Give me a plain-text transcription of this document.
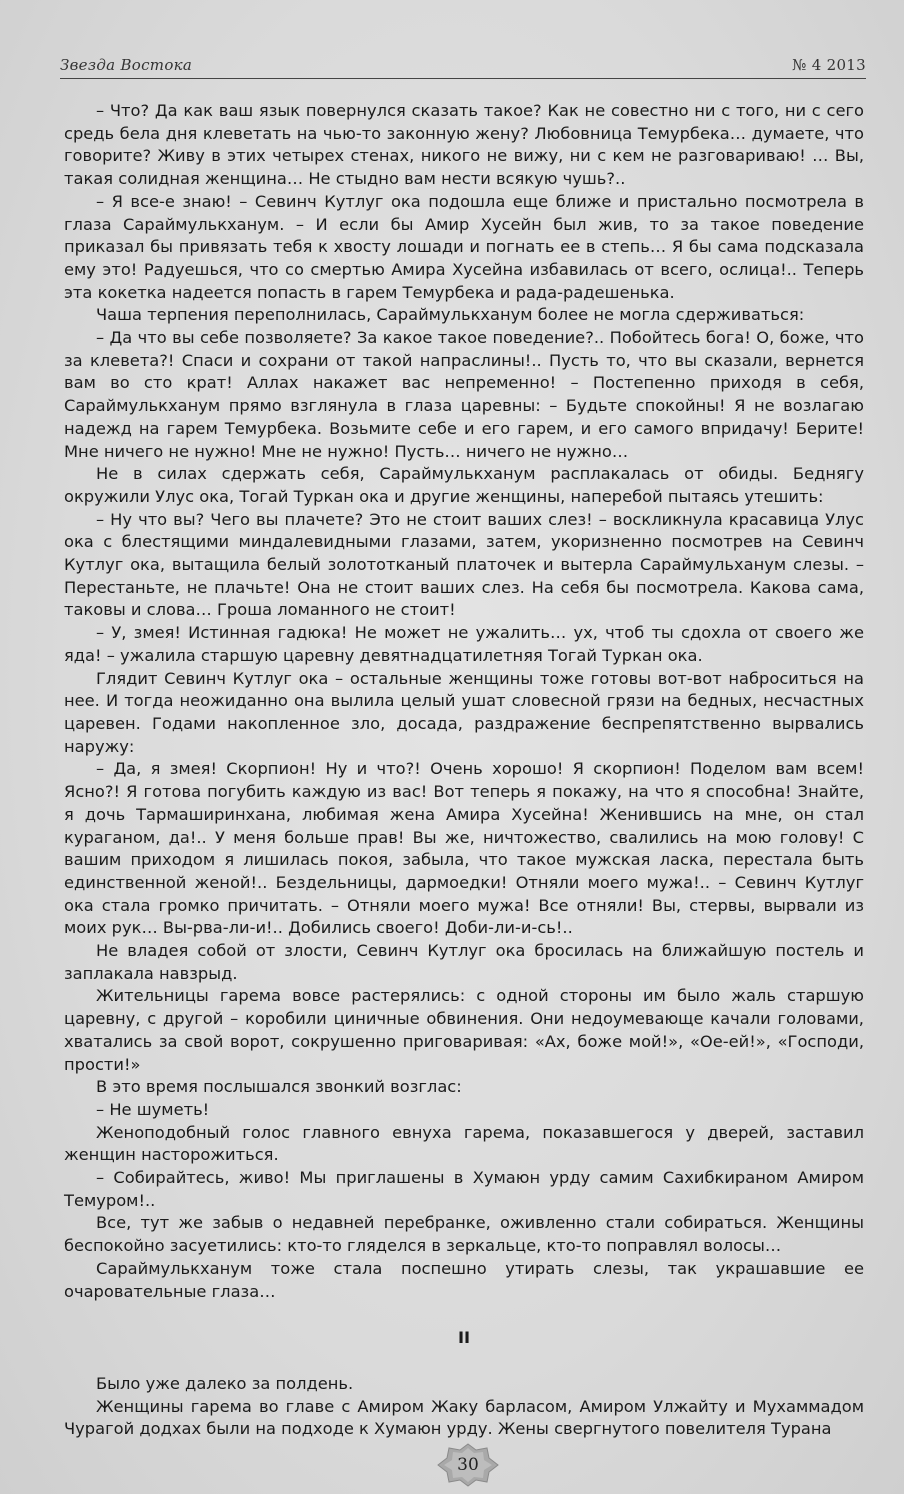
Звезда Востока	№ 4 2013

– Что? Да как ваш язык повернулся сказать такое? Как не совестно ни с того, ни с сего средь бела дня клеветать на чью-то законную жену? Любовница Темурбека… думаете, что говорите? Живу в этих четырех стенах, никого не вижу, ни с кем не разговариваю! … Вы, такая солидная женщина… Не стыдно вам нести всякую чушь?..

– Я все-е знаю! – Севинч Кутлуг ока подошла еще ближе и пристально посмотрела в глаза Сараймулькханум. – И если бы Амир Хусейн был жив, то за такое поведение приказал бы привязать тебя к хвосту лошади и погнать ее в степь… Я бы сама подсказала ему это! Радуешься, что со смертью Амира Хусейна избавилась от всего, ослица!.. Теперь эта кокетка надеется попасть в гарем Темурбека и рада-радешенька.

Чаша терпения переполнилась, Сараймулькханум более не могла сдерживаться:

– Да что вы себе позволяете? За какое такое поведение?.. Побойтесь бога! О, боже, что за клевета?! Спаси и сохрани от такой напраслины!.. Пусть то, что вы сказали, вернется вам во сто крат! Аллах накажет вас непременно! – Постепенно приходя в себя, Сараймулькханум прямо взглянула в глаза царевны: – Будьте спокойны! Я не возлагаю надежд на гарем Темурбека. Возьмите себе и его гарем, и его самого впридачу! Берите! Мне ничего не нужно! Мне не нужно! Пусть… ничего не нужно…

Не в силах сдержать себя, Сараймулькханум расплакалась от обиды. Беднягу окружили Улус ока, Тогай Туркан ока и другие женщины, наперебой пытаясь утешить:

– Ну что вы? Чего вы плачете? Это не стоит ваших слез! – воскликнула красавица Улус ока с блестящими миндалевидными глазами, затем, укоризненно посмотрев на Севинч Кутлуг ока, вытащила белый золототканый платочек и вытерла Сараймульханум слезы. – Перестаньте, не плачьте! Она не стоит ваших слез. На себя бы посмотрела. Какова сама, таковы и слова… Гроша ломанного не стоит!

– У, змея! Истинная гадюка! Не может не ужалить… ух, чтоб ты сдохла от своего же яда! – ужалила старшую царевну девятнадцатилетняя Тогай Туркан ока.

Глядит Севинч Кутлуг ока – остальные женщины тоже готовы вот-вот наброситься на нее. И тогда неожиданно она вылила целый ушат словесной грязи на бедных, несчастных царевен. Годами накопленное зло, досада, раздражение беспрепятственно вырвались наружу:

– Да, я змея! Скорпион! Ну и что?! Очень хорошо! Я скорпион! Поделом вам всем! Ясно?! Я готова погубить каждую из вас! Вот теперь я покажу, на что я способна! Знайте, я дочь Тармаширинхана, любимая жена Амира Хусейна! Женившись на мне, он стал кураганом, да!.. У меня больше прав! Вы же, ничтожество, свалились на мою голову! С вашим приходом я лишилась покоя, забыла, что такое мужская ласка, перестала быть единственной женой!.. Бездельницы, дармоедки! Отняли моего мужа!.. – Севинч Кутлуг ока стала громко причитать. – Отняли моего мужа! Все отняли! Вы, стервы, вырвали из моих рук… Вы-рва-ли-и!.. Добились своего! Доби-ли-и-сь!..

Не владея собой от злости, Севинч Кутлуг ока бросилась на ближайшую постель и заплакала навзрыд.

Жительницы гарема вовсе растерялись: с одной стороны им было жаль старшую царевну, с другой – коробили циничные обвинения. Они недоумевающе качали головами, хватались за свой ворот, сокрушенно приговаривая: «Ах, боже мой!», «Ое-ей!», «Господи, прости!»

В это время послышался звонкий возглас:

– Не шуметь!

Женоподобный голос главного евнуха гарема, показавшегося у дверей, заставил женщин насторожиться.

– Собирайтесь, живо! Мы приглашены в Хумаюн урду самим Сахибкираном Амиром Темуром!..

Все, тут же забыв о недавней перебранке, оживленно стали собираться. Женщины беспокойно засуетились: кто-то гляделся в зеркальце, кто-то поправлял волосы…

Сараймулькханум тоже стала поспешно утирать слезы, так украшавшие ее очаровательные глаза…

II

Было уже далеко за полдень.

Женщины гарема во главе с Амиром Жаку барласом, Амиром Улжайту и Мухаммадом Чурагой додхах были на подходе к Хумаюн урду. Жены свергнутого повелителя Турана

30
